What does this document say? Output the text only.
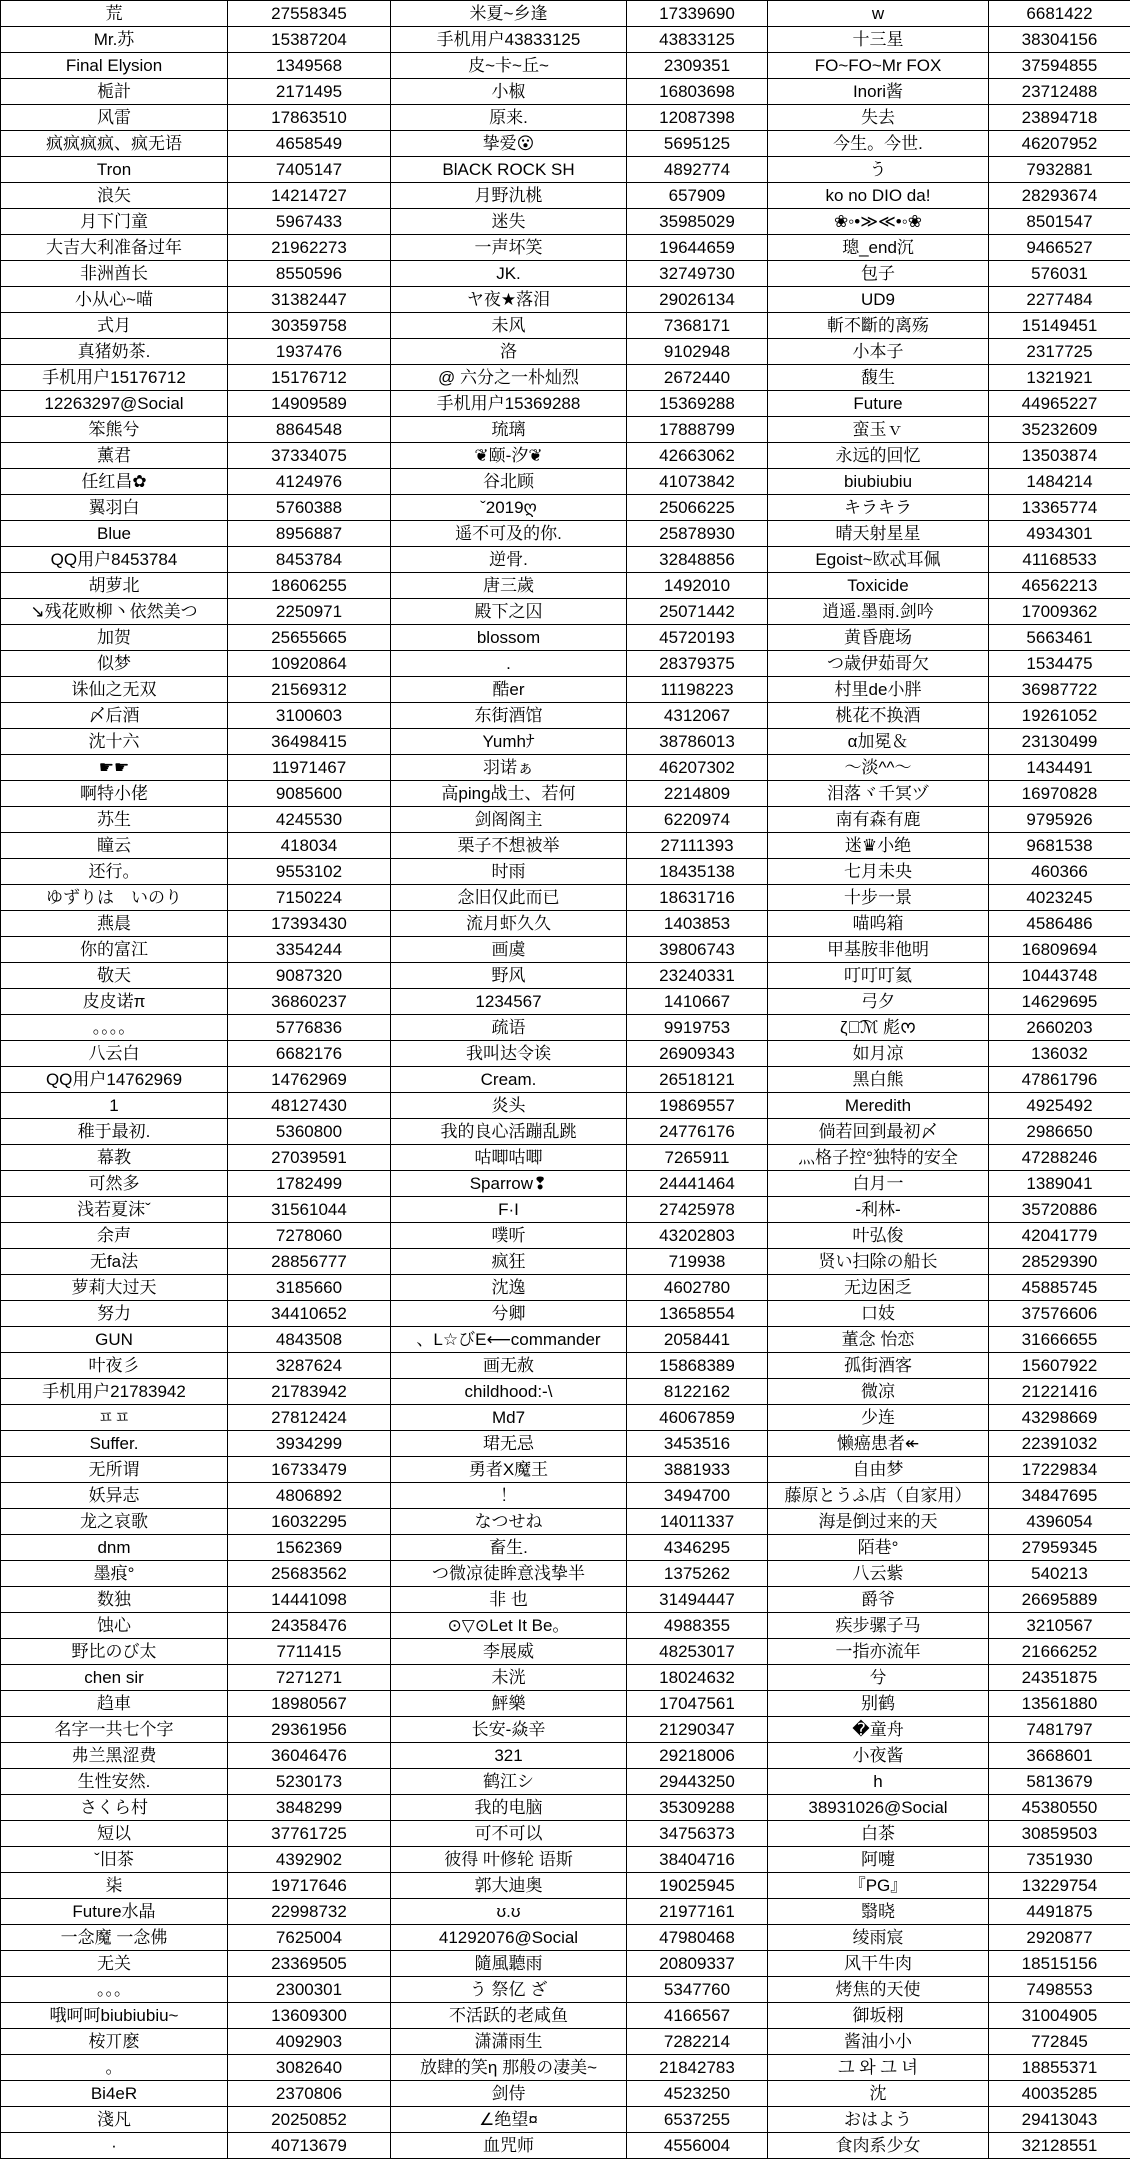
荒	27558345	米夏~乡逢	17339690	w	6681422
Mr.苏	15387204	手机用户43833125	43833125	十三星	38304156
Final Elysion	1349568	皮~卡~丘~	2309351	FO~FO~Mr FOX	37594855
栀計	2171495	小椒	16803698	Inori酱	23712488
风雷	17863510	原来.	12087398	失去	23894718
疯疯疯疯、疯无语	4658549	挚爱😮	5695125	今生。今世.	46207952
Tron	7405147	BlACK ROCK SH	4892774	う	7932881
浪矢	14214727	月野氿桃	657909	ko no DIO da!	28293674
月下门童	5967433	迷失	35985029	❀◦•≫≪•◦❀	8501547
大吉大利准备过年	21962273	一声坏笑	19644659	璁_end沉	9466527
非洲酋长	8550596	JK.	32749730	包子	576031
小从心~喵	31382447	ヤ夜★落泪	29026134	UD9	2277484
式月	30359758	未风	7368171	斬不斷的离殇	15149451
真猪奶茶.	1937476	洛	9102948	小本子	2317725
手机用户15176712	15176712	@ 六分之一朴灿烈	2672440	馥生	1321921
12263297@Social	14909589	手机用户15369288	15369288	Future	44965227
笨熊兮	8864548	琉璃	17888799	蛮玉ｖ	35232609
薰君	37334075	❦颐-汐❦	42663062	永远的回忆	13503874
任红昌✿	4124976	谷北顾	41073842	biubiubiu	1484214
翼羽白	5760388	ˇ2019ღ	25066225	キラキラ	13365774
Blue	8956887	遥不可及的你.	25878930	晴天射星星	4934301
QQ用户8453784	8453784	逆骨.	32848856	Egoist~欧忒耳佩	41168533
胡萝北	18606255	唐三歲	1492010	Toxicide	46562213
↘残花败柳丶依然美つ	2250971	殿下之囚	25071442	逍遥.墨雨.剑吟	17009362
加贺	25655665	blossom	45720193	黄昏鹿场	5663461
似梦	10920864	.	28379375	つ歳伊茹哥欠	1534475
诛仙之无双	21569312	酷er	11198223	村里de小胖	36987722
〆后酒	3100603	东街酒馆	4312067	桃花不换酒	19261052
沈十六	36498415	Yumhﾅ	38786013	α加冕＆	23130499
☛☛	11971467	羽诺ぁ	46207302	～淡^^～	1434491
啊特小佬	9085600	高ping战士、若何	2214809	泪落ヾ千冥ヅ	16970828
苏生	4245530	剑阁阁主	6220974	南有森有鹿	9795926
瞳云	418034	栗子不想被举	27111393	迷♛小绝	9681538
还行。	9553102	时雨	18435138	七月未央	460366
ゆずりは　いのり	7150224	念旧仅此而已	18631716	十步一景	4023245
燕晨	17393430	流月虾久久	1403853	喵呜箱	4586486
你的富江	3354244	画虞	39806743	甲基胺非他明	16809694
敬天	9087320	野风	23240331	叮叮叮氦	10443748
皮皮诺π	36860237	1234567	1410667	弓夕	14629695
。。。。	5776836	疏语	9919753	ζั͡ℳ 彪ᰔ	2660203
八云白	6682176	我叫达令诶	26909343	如月凉	136032
QQ用户14762969	14762969	Cream.	26518121	黑白熊	47861796
1	48127430	炎头	19869557	Meredith	4925492
稚于最初.	5360800	我的良心活蹦乱跳	24776176	倘若回到最初〆	2986650
幕教	27039591	咕唧咕唧	7265911	灬格子控°独特的安全	47288246
可然多	1782499	Sparrow❢	24441464	白月一	1389041
浅若夏沫ˇ	31561044	F·I	27425978	-利林-	35720886
余声	7278060	噗听	43202803	叶弘俊	42041779
无fa法	28856777	疯狂	719938	贤い扫除の船长	28529390
萝莉大过天	3185660	沈逸	4602780	无边困乏	45885745
努力	34410652	兮卿	13658554	口妓	37576606
GUN	4843508	、L☆びE⟵commander	2058441	董念 怡恋	31666655
叶夜彡	3287624	画无赦	15868389	孤街酒客	15607922
手机用户21783942	21783942	childhood:-\	8122162	微凉	21221416
ㅍㅍ	27812424	Md7	46067859	少连	43298669
Suffer.	3934299	珺无忌	3453516	懒癌患者↞	22391032
无所谓	16733479	勇者X魔王	3881933	自由梦	17229834
妖异志	4806892	！	3494700	藤原とうふ店（自家用）	34847695
龙之哀歌	16032295	なつせね	14011337	海是倒过来的天	4396054
dnm	1562369	畜生.	4346295	陌巷°	27959345
墨痕°	25683562	つ微凉徒眸意浅挚半	1375262	八云紫	540213
数独	14441098	非 也	31494447	爵爷	26695889
蚀心	24358476	⊙▽⊙Let It Be。	4988355	疾步骡子马	3210567
野比のび太	7711415	李展威	48253017	一指亦流年	21666252
chen sir	7271271	未洸	18024632	兮	24351875
趋車	18980567	鮃樂	17047561	别鹤	13561880
名字一共七个字	29361956	长安-焱辛	21290347	�童舟	7481797
弗兰黑涩费	36046476	321	29218006	小夜酱	3668601
生性安然.	5230173	鹤江シ	29443250	h	5813679
さくら村	3848299	我的电脑	35309288	38931026@Social	45380550
短以	37761725	可不可以	34756373	白茶	30859503
ˇ旧茶	4392902	彼得 叶修轮 语斯	38404716	阿嚏	7351930
柒	19717646	郭大迪奥	19025945	『PG』	13229754
Future水晶	22998732	ʊ.ʊ	21977161	翳晓	4491875
一念魔 一念佛	7625004	41292076@Social	47980468	绫雨宸	2920877
无关	23369505	隨風聽雨	20809337	风干牛肉	18515156
。。。	2300301	う 祭亿 ざ	5347760	烤焦的天使	7498553
哦呵呵biubiubiu~	13609300	不活跃的老咸鱼	4166567	御坂栩	31004905
桉丌麽	4092903	潇潇雨生	7282214	酱油小小	772845
。	3082640	放肆的笑η 那般の凄美~	21842783	그 와 그 녀	18855371
Bi4eR	2370806	剑侍	4523250	沈	40035285
淺凡	20250852	∠绝望¤	6537255	おはよう	29413043
·	40713679	血咒师	4556004	食肉系少女	32128551
